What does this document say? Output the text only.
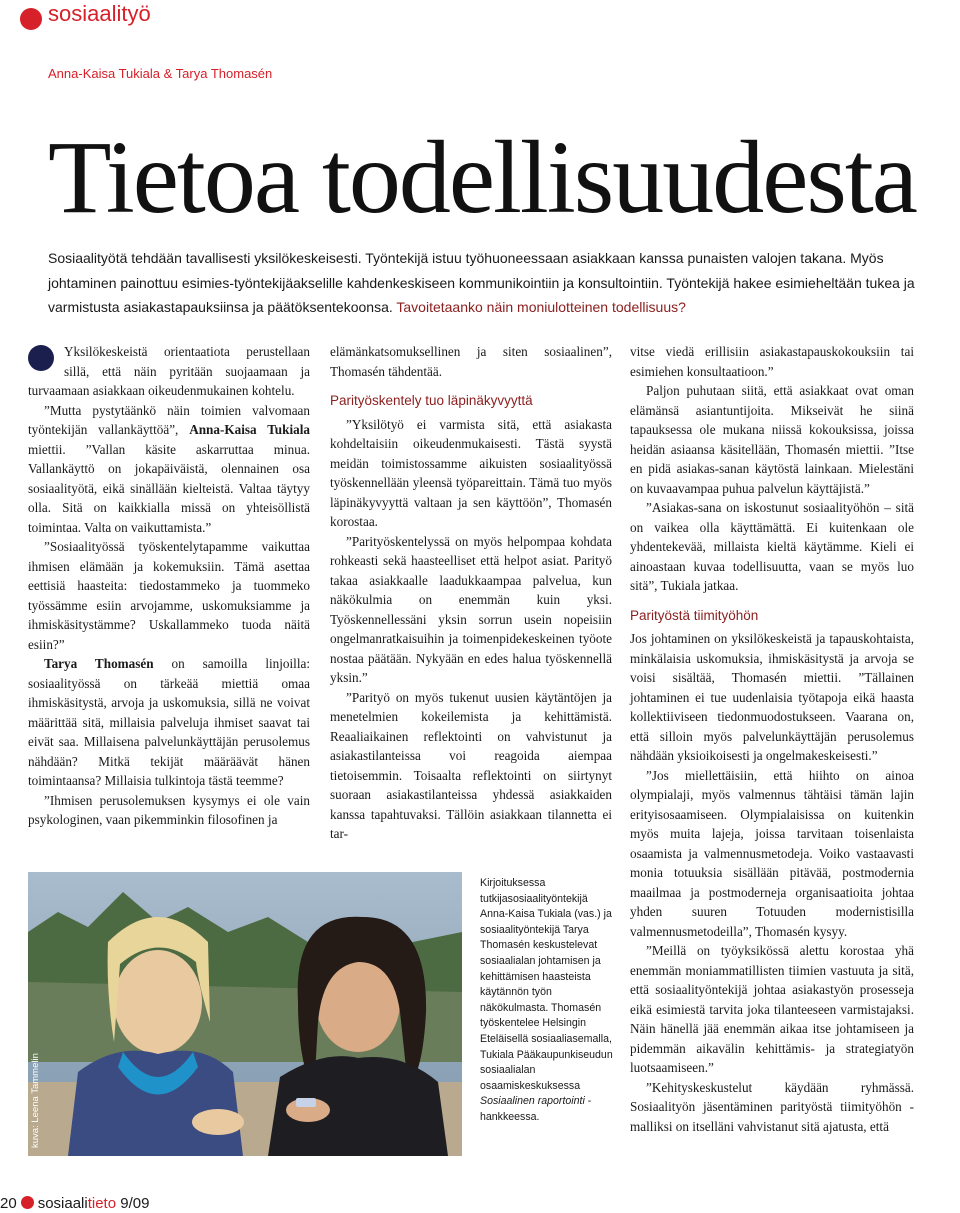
sosiaalityö
Anna-Kaisa Tukiala & Tarya Thomasén
Tietoa todellisuudesta
Sosiaalityötä tehdään tavallisesti yksilökeskeisesti. Työntekijä istuu työhuoneessaan asiakkaan kanssa punaisten valojen takana. Myös johtaminen painottuu esimies-työntekijäakselille kahdenkeskiseen kommunikointiin ja konsultointiin. Työntekijä hakee esimieheltään tukea ja varmistusta asiakastapauksiinsa ja päätöksentekoonsa. Tavoitetaanko näin moniulotteinen todellisuus?

Yksilökeskeistä orientaatiota perustellaan sillä, että näin pyritään suojaamaan ja turvaamaan asiakkaan oikeudenmukainen kohtelu.

”Mutta pystytäänkö näin toimien valvomaan työntekijän vallankäyttöä”, Anna-Kaisa Tukiala miettii. ”Vallan käsite askarruttaa minua. Vallankäyttö on jokapäiväistä, olennainen osa sosiaalityötä, eikä sinällään kielteistä. Valtaa täytyy olla. Sitä on kaikkialla missä on yhteisöllistä toimintaa. Valta on vaikuttamista.”

”Sosiaalityössä työskentelytapamme vaikuttaa ihmisen elämään ja kokemuksiin. Tämä asettaa eettisiä haasteita: tiedostammeko ja tuommeko työssämme esiin arvojamme, uskomuksiamme ja ihmiskäsitystämme? Uskallammeko tuoda näitä esiin?”

Tarya Thomasén on samoilla linjoilla: sosiaalityössä on tärkeää miettiä omaa ihmiskäsitystä, arvoja ja uskomuksia, sillä ne voivat määrittää sitä, millaisia palveluja ihmiset saavat tai eivät saa. Millaisena palvelunkäyttäjän perusolemus nähdään? Mitkä tekijät määräävät hänen toimintaansa? Millaisia tulkintoja tästä teemme?

”Ihmisen perusolemuksen kysymys ei ole vain psykologinen, vaan pikemminkin filosofinen ja

elämänkatsomuksellinen ja siten sosiaalinen”, Thomasén tähdentää.

Parityöskentely tuo läpinäkyvyyttä

”Yksilötyö ei varmista sitä, että asiakasta kohdeltaisiin oikeudenmukaisesti. Tästä syystä meidän toimistossamme aikuisten sosiaalityössä työskennellään yleensä työpareittain. Tämä tuo myös läpinäkyvyyttä valtaan ja sen käyttöön”, Thomasén korostaa.

”Parityöskentelyssä on myös helpompaa kohdata rohkeasti sekä haasteelliset että helpot asiat. Parityö takaa asiakkaalle laadukkaampaa palvelua, kun näkökulmia on enemmän kuin yksi. Työskennellessäni yksin sorrun usein nopeisiin ongelmanratkaisuihin ja toimenpidekeskeinen työote nostaa päätään. Nykyään en edes halua työskennellä yksin.”

”Parityö on myös tukenut uusien käytäntöjen ja menetelmien kokeilemista ja kehittämistä. Reaaliaikainen reflektointi on vahvistunut ja asiakastilanteissa voi reagoida aiempaa tietoisemmin. Toisaalta reflektointi on siirtynyt suoraan asiakastilanteissa yhdessä asiakkaiden kanssa tapahtuvaksi. Tällöin asiakkaan tilannetta ei tar-

vitse viedä erillisiin asiakastapauskokouksiin tai esimiehen konsultaatioon.”

Paljon puhutaan siitä, että asiakkaat ovat oman elämänsä asiantuntijoita. Mikseivät he siinä tapauksessa ole mukana niissä kokouksissa, joissa heidän asiaansa käsitellään, Thomasén miettii. ”Itse en pidä asiakas-sanan käytöstä lainkaan. Mielestäni on kuvaavampaa puhua palvelun käyttäjistä.”

”Asiakas-sana on iskostunut sosiaalityöhön – sitä on vaikea olla käyttämättä. Ei kuitenkaan ole yhdentekevää, millaista kieltä käytämme. Kieli ei ainoastaan kuvaa todellisuutta, vaan se myös luo sitä”, Tukiala jatkaa.

Parityöstä tiimityöhön

Jos johtaminen on yksilökeskeistä ja tapauskohtaista, minkälaisia uskomuksia, ihmiskäsitystä ja arvoja se voisi sisältää, Thomasén miettii. ”Tällainen johtaminen ei tue uudenlaisia työtapoja eikä haasta kollektiiviseen tiedonmuodostukseen. Vaarana on, että silloin myös palvelunkäyttäjän perusolemus nähdään yksioikoisesti ja ongelmakeskeisesti.”

”Jos miellettäisiin, että hiihto on ainoa olympialaji, myös valmennus tähtäisi tämän lajin erityisosaamiseen. Olympialaisissa on kuitenkin myös muita lajeja, joissa tarvitaan toisenlaista osaamista ja valmennusmetodeja. Voiko vastaavasti monia totuuksia sisällään pitävää, postmodernia maailmaa ja postmoderneja organisaatioita johtaa yhden suuren Totuuden modernistisilla valmennusmetodeilla”, Thomasén kysyy.

”Meillä on työyksikössä alettu korostaa yhä enemmän moniammatillisten tiimien vastuuta ja sitä, että sosiaalityöntekijä johtaa asiakastyön prosesseja eikä esimiestä tarvita joka tilanteeseen varmistajaksi. Näin hänellä jää enemmän aikaa itse johtamiseen ja pidemmän aikavälin kehittämis- ja strategiatyön luotsaamiseen.”

”Kehityskeskustelut käydään ryhmässä. Sosiaalityön jäsentäminen parityöstä tiimityöhön -malliksi on itselläni vahvistanut sitä ajatusta, että

kuva: Leena Tammelin
Kirjoituksessa tutkijasosiaalityöntekijä Anna-Kaisa Tukiala (vas.) ja sosiaalityöntekijä Tarya Thomasén keskustelevat sosiaalialan johtamisen ja kehittämisen haasteista käytännön työn näkökulmasta. Thomasén työskentelee Helsingin Eteläisellä sosiaaliasemalla, Tukiala Pääkaupunkiseudun sosiaalialan osaamiskeskuksessa Sosiaalinen raportointi -hankkeessa.
20 sosiaalitieto 9/09
